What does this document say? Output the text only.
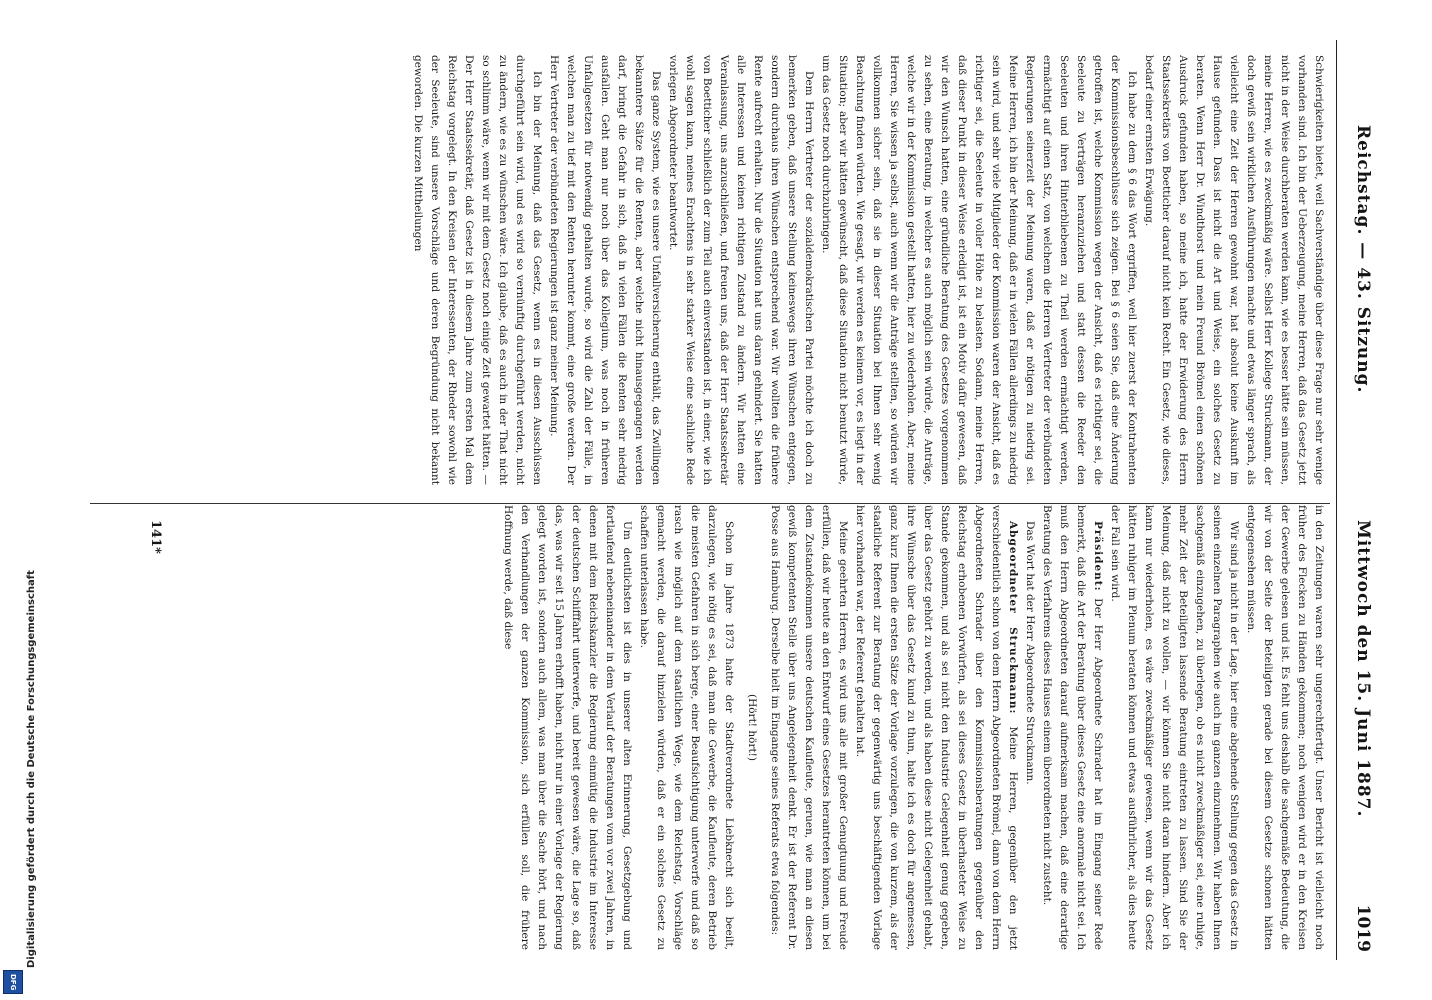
Digitalisierung gefördert durch die Deutsche Forschungsgemeinschaft
DFG
Reichstag. — 43. Sitzung.
Mittwoch den 15. Juni 1887.
1019

Schwierigkeiten bietet, weil Sachverständige über diese Frage nur sehr wenige vorhanden sind. Ich bin der Ueberzeugung, meine Herren, daß das Gesetz jetzt nicht in der Weise durchberaten werden kann, wie es besser hätte sein müssen, meine Herren, wie es zweckmäßig wäre. Selbst Herr Kollege Struckmann, der doch gewiß sein wirklichen Ausführungen machte und etwas länger sprach, als vielleicht eine Zeit der Herren gewohnt war, hat absolut keine Auskunft im Hause gefunden. Dass ist nicht die Art und Weise, ein solches Gesetz zu beraten. Wenn Herr Dr. Windthorst und mein Freund Brömel einen schönen Ausdruck gefunden haben, so meine ich, hatte der Erwiderung des Herrn Staatssekretärs von Boetticher darauf nicht kein Recht. Ein Gesetz, wie dieses, bedarf einer ernsten Erwägung.

Ich habe zu dem § 6 das Wort ergriffen, weil hier zuerst der Kontrahenten der Kommissionsbeschlüsse sich zeigen. Bei § 6 seien Sie, daß eine Änderung getroffen ist, welche Kommission wegen der Ansicht, daß es richtiger sei, die Seeleute zu Verträgen heranzuziehen und statt dessen die Reeder den Seeleuten und ihren Hinterbliebenen zu Theil werden ermächtigt werden, ermächtigt auf einen Satz, von welchem die Herren Vertreter der verbündeten Regierungen seinerzeit der Meinung waren, daß er nötigen zu niedrig sei. Meine Herren, ich bin der Meinung, daß er in vielen Fällen allerdings zu niedrig sein wird, und sehr viele Mitglieder der Kommission waren der Ansicht, daß es richtiger sei, die Seeleute in voller Höhe zu belasten. Sodann, meine Herren, daß dieser Punkt in dieser Weise erledigt ist, ist ein Motiv dafür gewesen, daß wir den Wunsch hatten, eine gründliche Beratung des Gesetzes vorgenommen zu sehen, eine Beratung, in welcher es auch möglich sein würde, die Anträge, welche wir in der Kommission gestellt hatten, hier zu wiederholen. Aber, meine Herren, Sie wissen ja selbst, auch wenn wir die Anträge stellten, so würden wir vollkommen sicher sein, daß sie in dieser Situation bei Ihnen sehr wenig Beachtung finden würden. Wie gesagt, wir werden es keinem vor, es liegt in der Situation; aber wir hätten gewünscht, daß diese Situation nicht benutzt würde, um das Gesetz noch durchzubringen.

Dem Herrn Vertreter der sozialdemokratischen Partei möchte ich doch zu bemerken geben, daß unsere Stellung keineswegs ihren Wünschen entgegen, sondern durchaus ihren Wünschen entsprechend war. Wir wollten die frühere Rente aufrecht erhalten. Nur die Situation hat uns daran gehindert. Sie hatten alle Interessen und keinen richtigen Zustand zu ändern. Wir hatten eine Veranlassung, uns anzuschließen, und freuen uns, daß der Herr Staatssekretär von Boetticher schließlich der zum Teil auch einverstanden ist, in einer, wie ich wohl sagen kann, meines Erachtens in sehr starker Weise eine sachliche Rede vorlegen Abgeordneter beantwortet.

Das ganze System, wie es unsere Unfallversicherung enthält, das Zwillingen bekanntere Sätze für die Renten, aber welche nicht hinausgegangen werden darf, bringt die Gefahr in sich, daß in vielen Fällen die Renten sehr niedrig ausfallen. Geht man nur noch über das Kollegium, was noch in früheren Unfallgesetzen für notwendig gehalten wurde, so wird die Zahl der Fälle, in welchen man zu tief mit den Renten herunter kommt, eine große werden. Der Herr Vertreter der verbündeten Regierungen ist ganz meiner Meinung.

Ich bin der Meinung, daß das Gesetz, wenn es in diesen Ausschüssen durchgeführt sein wird, und es wird so vernünftig durchgeführt werden, nicht zu ändern, wie es zu wünschen wäre. Ich glaube, daß es auch in der That nicht so schlimm wäre, wenn wir mit dem Gesetz noch einige Zeit gewartet hätten. — Der Herr Staatssekretär, daß Gesetz ist in diesem Jahre zum ersten Mal dem Reichstag vorgelegt. In den Kreisen der Interessenten, der Rheder sowohl wie der Seeleute, sind unsere Vorschläge und deren Begründung nicht bekannt geworden. Die kurzen Mittheilungen

in den Zeitungen waren sehr ungerechtfertigt. Unser Bericht ist vielleicht noch früher des Flecken zu Händen gekommen; noch wenigen wird er in den Kreisen der Gewerbe gelesen und ist. Es fehlt uns deshalb die sachgemäße Bedeutung, die wir von der Seite der Beteiligten gerade bei diesem Gesetze schonen hätten entgegensehen müssen.

Wir sind ja nicht in der Lage, hier eine abgehende Stellung gegen das Gesetz in seinen einzelnen Paragraphen wie auch im ganzen einzunehmen. Wir haben Ihnen sachgemäß einzugehen, zu überlegen, ob es nicht zweckmäßiger sei, eine ruhige, mehr Zeit der Beteiligten lassende Beratung eintreten zu lassen. Sind Sie der Meinung, daß nicht zu wollen, — wir können Sie nicht daran hindern. Aber ich kann nur wiederholen, es wäre zweckmäßiger gewesen, wenn wir das Gesetz hätten ruhiger im Plenum beraten können und etwas ausführlicher, als dies heute der Fall sein wird.

Präsident: Der Herr Abgeordnete Schrader hat im Eingang seiner Rede bemerkt, daß die Art der Beratung über dieses Gesetz eine anormale nicht sei. Ich muß den Herrn Abgeordneten darauf aufmerksam machen, daß eine derartige Beratung des Verfahrens dieses Hauses einem überordneten nicht zusteht.

Das Wort hat der Herr Abgeordnete Struckmann.

Abgeordneter Struckmann: Meine Herren, gegenüber den jetzt verschiedentlich schon von dem Herrn Abgeordneten Brömel, dann von dem Herrn Abgeordneten Schrader über den Kommissionsberatungen gegenüber den Reichstag erhobenen Vorwürfen, als sei dieses Gesetz in überhasteter Weise zu Stande gekommen, und als sei nicht den Industrie Gelegenheit genug gegeben, über das Gesetz gehört zu werden, und als haben diese nicht Gelegenheit gehabt, ihre Wünsche über das Gesetz kund zu thun, halte ich es doch für angemessen, ganz kurz Ihnen die ersten Sätze der Vorlage vorzulegen, die von kurzem, als der staatliche Referent zur Beratung der gegenwärtig uns beschäftigenden Vorlage hier vorhanden war, der Referent gehalten hat.

Meine geehrten Herren, es wird uns alle mit großer Genugtuung und Freude erfüllen, daß wir heute an den Entwurf eines Gesetzes herantreten können, um bei dem Zustandekommen unsere deutschen Kaufleute, geruen, wie man an diesen gewiß kompetenten Stelle über uns Angelegenheit denkt. Er ist der Referent Dr. Posse aus Hamburg. Derselbe hielt im Eingange seines Referats etwa folgendes:

(Hört! hört!)

Schon im Jahre 1873 hatte der Stadtverordnete Liebknecht sich beeilt, darzulegen, wie nötig es sei, daß man die Gewerbe, die Kaufleute, deren Betrieb die meisten Gefahren in sich berge, einer Beaufsichtigung unterwerfe und daß so rasch wie möglich auf dem staatlichen Wege, wie dem Reichstag, Vorschläge gemacht werden, die darauf hinzielen würden, daß er ein solches Gesetz zu schaffen unterlassen habe.

Um deutlichsten ist dies in unserer alten Erinnerung, Gesetzgebung und fortlaufend nebeneinander in dem Verlauf der Beratungen vom vor zwei Jahren, in denen mit dem Reichskanzler die Regierung einmütig die Industrie im Interesse der deutschen Schifffahrt unterwerfe, und bereit gewesen wäre, die Lage so, daß das, was wir seit 15 Jahren erhofft haben, nicht nur in einer Vorlage der Regierung gelegt worden ist, sondern auch allem, was man über die Sache hört, und nach den Verhandlungen der ganzen Kommission, sich erfüllen soll, die frühere Hoffnung werde, daß diese

141*
